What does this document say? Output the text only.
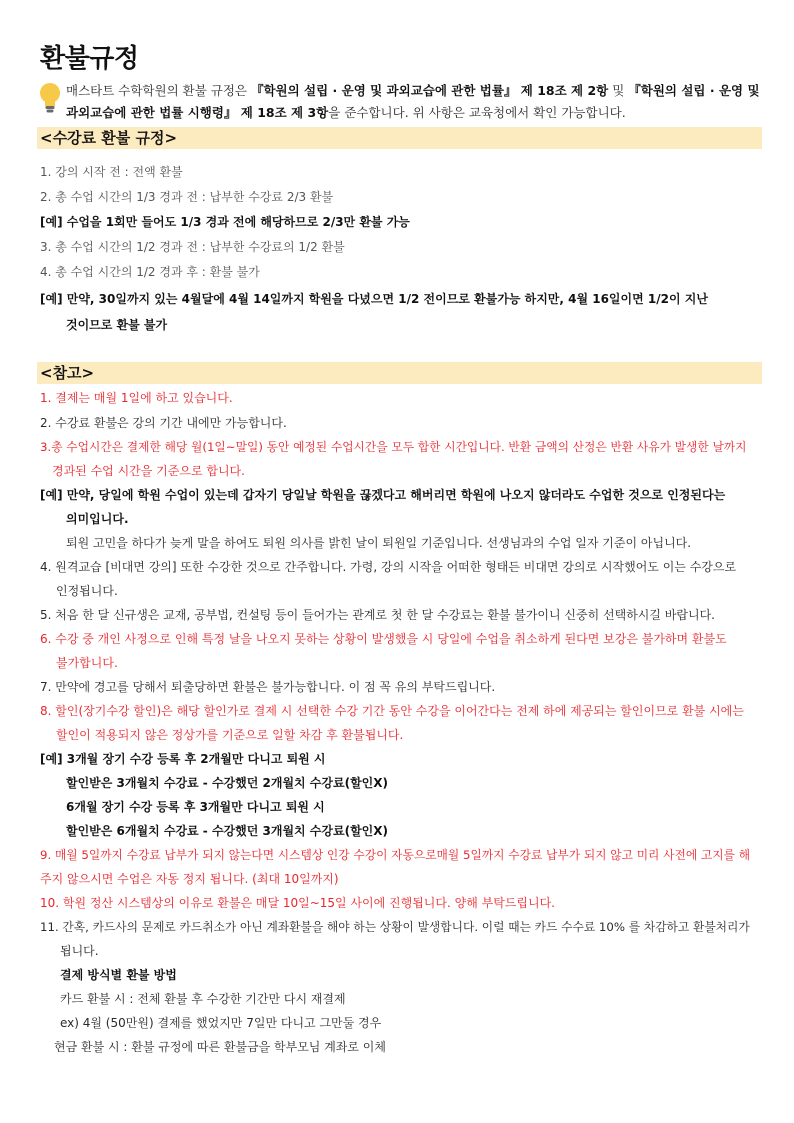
환불규정
매스타트 수학학원의 환불 규정은 『학원의 설립 · 운영 및 과외교습에 관한 법률』 제 18조 제 2항 및 『학원의 설립 · 운영 및 과외교습에 관한 법률 시행령』 제 18조 제 3항을 준수합니다. 위 사항은 교육청에서 확인 가능합니다.
<수강료 환불 규정>
1. 강의 시작 전 : 전액 환불
2. 총 수업 시간의 1/3 경과 전 : 납부한 수강료 2/3 환불
[예] 수업을 1회만 들어도 1/3 경과 전에 해당하므로 2/3만 환불 가능
3. 총 수업 시간의 1/2 경과 전 : 납부한 수강료의 1/2 환불
4. 총 수업 시간의 1/2 경과 후 : 환불 불가
[예] 만약, 30일까지 있는 4월달에 4월 14일까지 학원을 다녔으면 1/2 전이므로 환불가능 하지만, 4월 16일이면 1/2이 지난
것이므로 환불 불가
<참고>
1. 결제는 매월 1일에 하고 있습니다.
2. 수강료 환불은 강의 기간 내에만 가능합니다.
3.총 수업시간은 결제한 해당 월(1일~말일) 동안 예정된 수업시간을 모두 합한 시간입니다. 반환 금액의 산정은 반환 사유가 발생한 날까지
경과된 수업 시간을 기준으로 합니다.
[예] 만약, 당일에 학원 수업이 있는데 갑자기 당일날 학원을 끊겠다고 해버리면 학원에 나오지 않더라도 수업한 것으로 인정된다는
의미입니다.
퇴원 고민을 하다가 늦게 말을 하여도 퇴원 의사를 밝힌 날이 퇴원일 기준입니다. 선생님과의 수업 일자 기준이 아닙니다.
4. 원격교습 [비대면 강의] 또한 수강한 것으로 간주합니다. 가령, 강의 시작을 어떠한 형태든 비대면 강의로 시작했어도 이는 수강으로
인정됩니다.
5. 처음 한 달 신규생은 교재, 공부법, 컨설팅 등이 들어가는 관계로 첫 한 달 수강료는 환불 불가이니 신중히 선택하시길 바랍니다.
6. 수강 중 개인 사정으로 인해 특정 날을 나오지 못하는 상황이 발생했을 시 당일에 수업을 취소하게 된다면 보강은 불가하며 환불도
불가합니다.
7. 만약에 경고를 당해서 퇴출당하면 환불은 불가능합니다. 이 점 꼭 유의 부탁드립니다.
8. 할인(장기수강 할인)은 해당 할인가로 결제 시 선택한 수강 기간 동안 수강을 이어간다는 전제 하에 제공되는 할인이므로 환불 시에는
할인이 적용되지 않은 정상가를 기준으로 일할 차감 후 환불됩니다.
[예] 3개월 장기 수강 등록 후 2개월만 다니고 퇴원 시
할인받은 3개월치 수강료 - 수강했던 2개월치 수강료(할인X)
6개월 장기 수강 등록 후 3개월만 다니고 퇴원 시
할인받은 6개월치 수강료 - 수강했던 3개월치 수강료(할인X)
9. 매월 5일까지 수강료 납부가 되지 않는다면 시스템상 인강 수강이 자동으로매월 5일까지 수강료 납부가 되지 않고 미리 사전에 고지를 해
주지 않으시면 수업은 자동 정지 됩니다. (최대 10일까지)
10. 학원 정산 시스템상의 이유로 환불은 매달 10일~15일 사이에 진행됩니다. 양해 부탁드립니다.
11. 간혹, 카드사의 문제로 카드취소가 아닌 계좌환불을 해야 하는 상황이 발생합니다. 이럴 때는 카드 수수료 10% 를 차감하고 환불처리가
됩니다.
결제 방식별 환불 방법
카드 환불 시 : 전체 환불 후 수강한 기간만 다시 재결제
ex) 4월 (50만원) 결제를 했었지만 7일만 다니고 그만둘 경우
현금 환불 시 : 환불 규정에 따른 환불금을 학부모님 계좌로 이체
